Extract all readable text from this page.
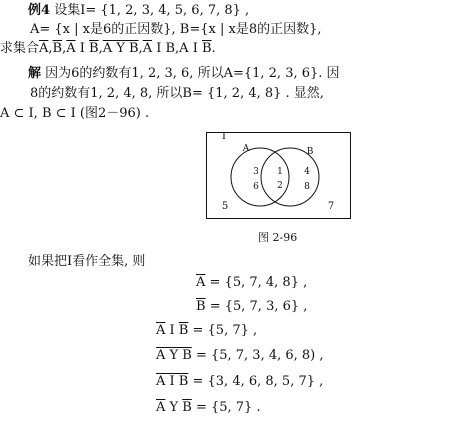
例4 设集I= {1, 2, 3, 4, 5, 6, 7, 8} ,
A= {x | x是6的正因数}, B={x | x是8的正因数},
求集合$\overline{A},\overline{B},\overline{A}$ I $\overline{B},A$ Y $B,\overline{A}$ I B,A I $\overline{B}$.
解 因为6的约数有1, 2, 3, 6, 所以A={1, 2, 3, 6}. 因
8的约数有1, 2, 4, 8, 所以B= {1, 2, 4, 8} . 显然,
A ⊂ I, B ⊂ I (图2－96) .
I
A	B
3
6
1
2
4
8
5	7
图 2-96
如果把I看作全集, 则
$\overline{A} = \{5$, 7, 4, 8} ,
$\overline{B} = \{5$, 7, 3, 6} ,
$\overline{A}$ I $\overline{B} = \{5$, 7} ,
A Y B = {5, 7, 3, 4, 6, 8) ,
A I B = {3, 4, 6, 8, 5, 7} ,
$\overline{A}$ Y $\overline{B} = \{5$, 7} .
